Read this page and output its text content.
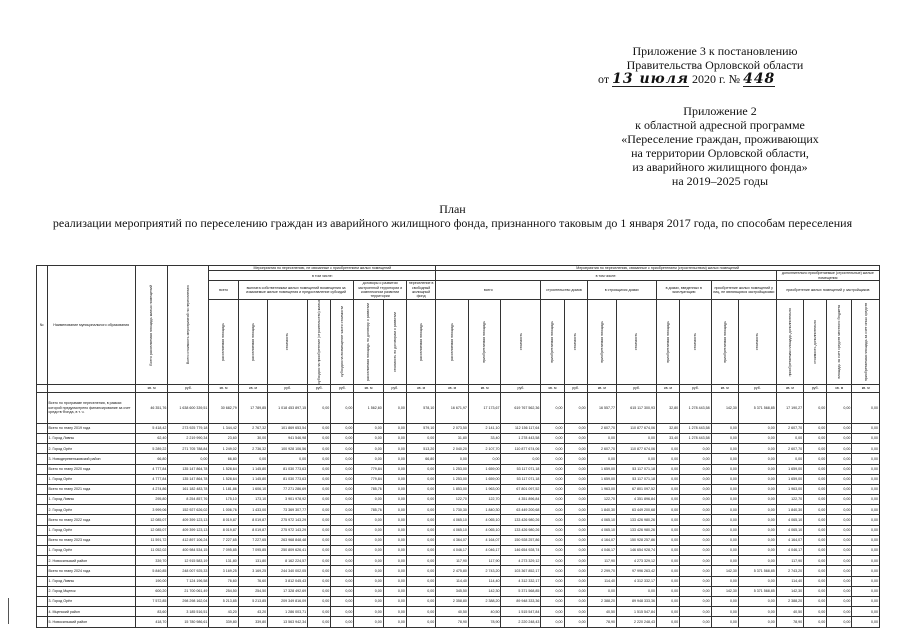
Приложение 3 к постановлению
Правительства Орловской области
от 13 июля 2020 г. № 448
Приложение 2
к областной адресной программе
«Переселение граждан, проживающих
на территории Орловской области,
из аварийного жилищного фонда»
на 2019–2025 годы
План
реализации мероприятий по переселению граждан из аварийного жилищного фонда, признанного таковым до 1 января 2017 года, по способам переселения
№	Наименование муниципального образования	Всего расселяемая площадь жилых помещений	Всего стоимость мероприятий по переселению	Мероприятия по переселению, не связанные с приобретением жилых помещений								Мероприятия по переселению, связанные с приобретением (строительством) жилых помещений														
				в том числе:								в том числе:											дополнительно приобретаемые (строительные) жилые помещения			
				всего	выплата собственникам жилых помещений возмещения за изымаемые жилые помещения и предоставление субсидий				договоры о развитии застроенной территории и комплексном развитии территории		переселение в свободный жилищный фонд	всего			строительство домов		в строящихся домах		в домах, введенных в эксплуатацию		приобретение жилых помещений у лиц, не являющихся застройщиками		приобретение жилых помещений у застройщиков			

				расселяемая площадь	расселяемая площадь	стоимость	субсидия на приобретение (строительство) жилья	субсидия на возмещение части стоимости	расселяемая площадь по договору о развитии	стоимость по договорам о развитии	расселяемая площадь	расселяемая площадь	приобретаемая площадь	стоимость	приобретаемая площадь	стоимость	приобретаемая площадь	стоимость	приобретаемая площадь	стоимость	приобретаемая площадь	стоимость	приобретаемая площадь дополнительно	стоимость дополнительно	площадь за счет средств местного бюджета	приобретаемая площадь за счет иных средств

		кв. м	руб.	кв. м	кв. м	руб.	руб.	руб.	кв. м	руб.	кв. м	кв. м	кв. м	руб.	кв. м	руб.	кв. м	руб.	кв. м	руб.	кв. м	руб.	кв. м	руб.	кв. м	кв. м
	Всего по программе переселения, в рамках которой предусмотрено финансирование за счет средств Фонда, в т. ч.	46 351,76	1 638 600 339,51	30 682,79	17 789,85	1 018 453 897,15	0,00	0,00	1 562,60	0,00	578,10	16 671,97	17 173,67	619 767 562,36	0,00	0,00	16 557,77	615 117 300,93	32,80	1 278 443,58	142,30	5 371 568,85	17 190,27	0,00	0,00	0,00
	Всего по этапу 2019 года	5 418,42	273 925 779,18	1 344,42	2 767,32	101 869 653,54	0,00	0,00	0,00	0,00	579,10	2 073,50	2 141,10	112 156 117,64	0,00	0,00	2 607,70	110 877 674,06	32,80	1 278 443,58	0,00	0,00	2 607,70	0,00	0,00	0,00
	1. Город Ливны	62,40	2 219 990,34	23,60	30,00	941 546,98	0,00	0,00	0,00	0,00	0,00	31,80	33,40	1 278 443,58	0,00	0,00	0,00	0,00	33,40	1 278 443,58	0,00	0,00	0,00	0,00	0,00	0,00
	2. Город Орёл	5 289,22	271 705 788,84	1 249,02	2 736,32	100 928 106,56	0,00	0,00	0,00	0,00	513,20	2 040,20	2 107,70	110 877 674,06	0,00	0,00	2 607,70	110 877 674,06	0,00	0,00	0,00	0,00	2 607,70	0,00	0,00	0,00
	3. Новодеревеньковский район	66,80	0,00	66,80	0,00	0,00	0,00	0,00	0,00	0,00	66,80	0,00	0,00	0,00	0,00	0,00	0,00	0,00	0,00	0,00	0,00	0,00	0,00	0,00	0,00	0,00
	Всего по этапу 2020 года	4 777,84	135 147 864,78	1 528,64	1 145,80	81 030 773,63	0,00	0,00	779,84	0,00	0,00	1 253,00	1 659,00	53 117 071,18	0,00	0,00	1 659,00	53 117 071,18	0,00	0,00	0,00	0,00	1 659,00	0,00	0,00	0,00
	1. Город Орёл	4 777,84	135 147 864,78	1 528,64	1 145,80	81 030 773,63	0,00	0,00	779,84	0,00	0,00	1 253,00	1 659,00	53 117 071,18	0,00	0,00	1 659,00	53 117 071,18	0,00	0,00	0,00	0,00	1 659,00	0,00	0,00	0,00
	Всего по этапу 2021 года	4 274,86	161 182 483,78	1 181,86	1 606,10	77 271 286,69	0,00	0,00	785,76	0,00	0,00	1 853,00	1 963,00	67 801 097,52	0,00	0,00	1 963,00	67 801 097,52	0,00	0,00	0,00	0,00	1 963,00	0,00	0,00	0,00
	1. Город Ливны	295,80	8 254 857,76	175,10	173,10	3 901 978,92	0,00	0,00	0,00	0,00	0,00	122,70	122,70	4 351 896,84	0,00	0,00	122,70	4 351 896,84	0,00	0,00	0,00	0,00	122,70	0,00	0,00	0,00
	2. Город Орёл	3 999,06	152 927 626,02	1 006,76	1 433,00	73 369 307,77	0,00	0,00	785,76	0,00	0,00	1 730,30	1 840,30	63 449 200,68	0,00	0,00	1 840,30	63 449 200,68	0,00	0,00	0,00	0,00	1 840,30	0,00	0,00	0,00
	Всего по этапу 2022 года	12 085,07	409 399 123,13	8 019,87	8 019,87	275 972 143,29	0,00	0,00	0,00	0,00	0,00	4 065,10	4 065,10	133 426 980,26	0,00	0,00	4 065,10	133 426 980,26	0,00	0,00	0,00	0,00	4 065,10	0,00	0,00	0,00
	1. Город Орёл	12 085,07	409 399 123,13	8 019,87	8 019,87	275 972 143,29	0,00	0,00	0,00	0,00	0,00	4 065,10	4 065,10	133 426 980,26	0,00	0,00	4 065,10	133 426 980,26	0,00	0,00	0,00	0,00	4 065,10	0,00	0,00	0,00
	Всего по этапу 2023 года	11 591,72	412 897 106,24	7 227,65	7 227,65	263 968 848,48	0,00	0,00	0,00	0,00	0,00	4 364,07	4 164,07	150 928 257,86	0,00	0,00	4 164,07	150 928 257,86	0,00	0,00	0,00	0,00	4 164,07	0,00	0,00	0,00
	1. Город Орёл	11 052,02	400 984 534,15	7 095,85	7 095,85	250 809 626,41	0,00	0,00	0,00	0,00	0,00	4 046,17	4 046,17	146 654 928,74	0,00	0,00	4 046,17	146 654 928,74	0,00	0,00	0,00	0,00	4 046,17	0,00	0,00	0,00
	2. Новосильский район	339,70	12 915 583,19	131,80	131,80	8 162 224,57	0,00	0,00	0,00	0,00	0,00	117,90	117,90	4 273 329,12	0,00	0,00	117,90	4 273 329,12	0,00	0,00	0,00	0,00	117,90	0,00	0,00	0,00
	Всего по этапу 2024 года	5 840,85	248 007 925,33	3 169,25	3 169,25	244 340 002,05	0,00	0,00	0,00	0,00	0,00	2 475,80	2 743,20	103 367 852,17	0,00	0,00	2 299,70	97 996 263,42	0,00	0,00	142,30	5 371 568,85	2 743,20	0,00	0,00	0,00
	1. Город Ливны	190,00	7 124 196,58	76,60	76,60	3 812 045,43	0,00	0,00	0,00	0,00	0,00	114,40	114,40	4 312 332,17	0,00	0,00	114,40	4 312 332,17	0,00	0,00	0,00	0,00	114,40	0,00	0,00	0,00
	2. Город Мценск	600,20	21 700 061,49	254,50	254,50	17 328 492,69	0,00	0,00	0,00	0,00	0,00	345,50	142,30	5 371 568,85	0,00	0,00	0,00	0,00	0,00	0,00	142,30	5 371 568,85	142,30	0,00	0,00	0,00
	3. Город Орёл	7 572,85	298 298 162,04	5 213,85	5 213,85	209 349 816,09	0,00	0,00	0,00	0,00	0,00	2 358,80	2 388,20	89 948 333,36	0,00	0,00	2 388,20	89 948 333,36	0,00	0,00	0,00	0,00	2 388,20	0,00	0,00	0,00
	4. Мценский район	83,60	3 185 516,51	43,20	43,20	1 286 003,71	0,00	0,00	0,00	0,00	0,00	40,50	40,50	1 515 547,84	0,00	0,00	40,50	1 515 547,84	0,00	0,00	0,00	0,00	40,50	0,00	0,00	0,00
	5. Новосильский район	418,70	15 780 986,61	339,80	339,80	13 563 942,34	0,00	0,00	0,00	0,00	0,00	78,90	78,90	2 220 248,43	0,00	0,00	78,90	2 220 248,43	0,00	0,00	0,00	0,00	78,90	0,00	0,00	0,00
